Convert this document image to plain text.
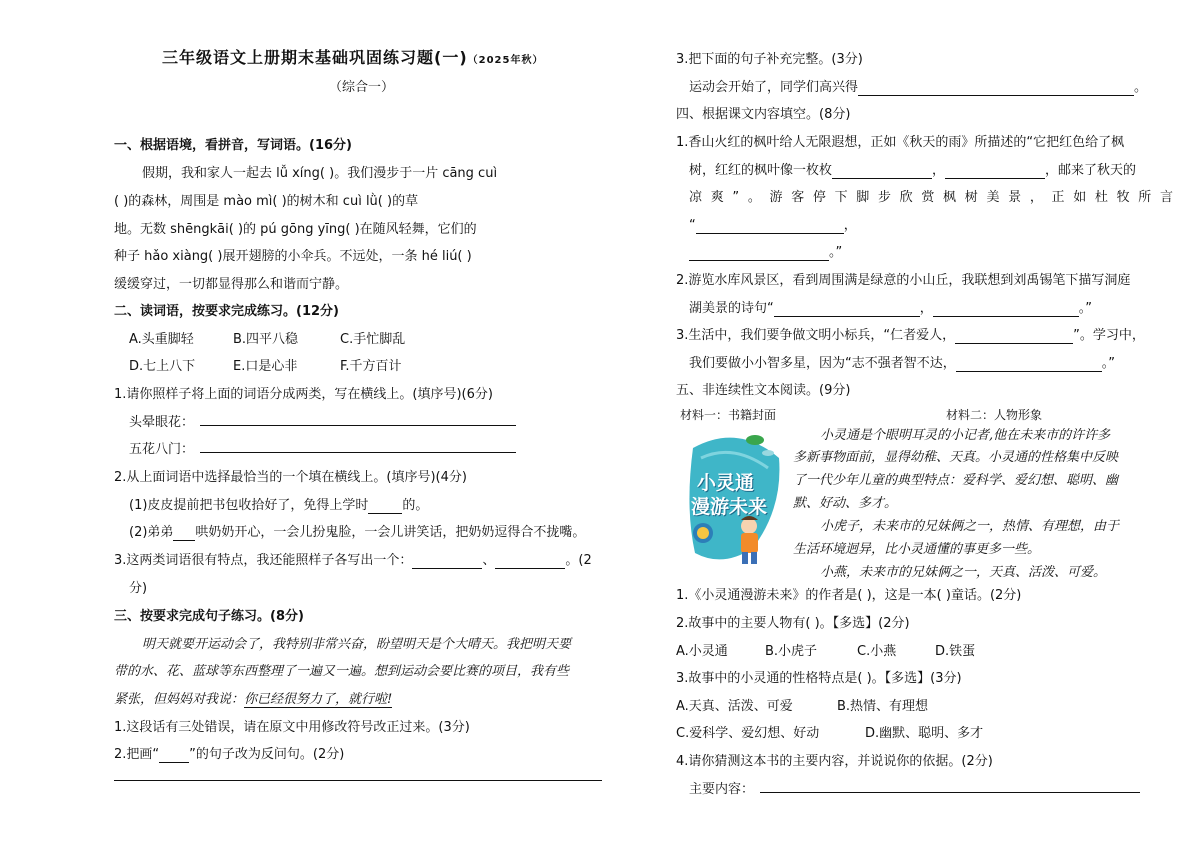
三年级语文上册期末基础巩固练习题(一)（2025年秋）
（综合一）
一、根据语境，看拼音，写词语。(16分)
假期，我和家人一起去 lǚ xíng( )。我们漫步于一片 cāng cuì
( )的森林，周围是 mào mì( )的树木和 cuì lǜ( )的草
地。无数 shēngkāi( )的 pú gōng yīng( )在随风轻舞，它们的
种子 hǎo xiàng( )展开翅膀的小伞兵。不远处，一条 hé liú( )
缓缓穿过，一切都显得那么和谐而宁静。
二、读词语，按要求完成练习。(12分)
A.头重脚轻	B.四平八稳	C.手忙脚乱
D.七上八下	E.口是心非	F.千方百计
1.请你照样子将上面的词语分成两类，写在横线上。(填序号)(6分)
头晕眼花：
五花八门：
2.从上面词语中选择最恰当的一个填在横线上。(填序号)(4分)
(1)皮皮提前把书包收拾好了，免得上学时	的。
(2)弟弟 哄奶奶开心，一会儿扮鬼脸，一会儿讲笑话，把奶奶逗得合不拢嘴。
3.这两类词语很有特点，我还能照样子各写出一个：	、	。(2
分)
三、按要求完成句子练习。(8分)
明天就要开运动会了，我特别非常兴奋，盼望明天是个大晴天。我把明天要
带的水、花、蓝球等东西整理了一遍又一遍。想到运动会要比赛的项目，我有些
紧张，但妈妈对我说：你已经很努力了，就行啦!
1.这段话有三处错误，请在原文中用修改符号改正过来。(3分)
2.把画“ ”的句子改为反问句。(2分)
3.把下面的句子补充完整。(3分)
运动会开始了，同学们高兴得	。
四、根据课文内容填空。(8分)
1.香山火红的枫叶给人无限遐想，正如《秋天的雨》所描述的“它把红色给了枫
树，红红的枫叶像一枚枚	，	，邮来了秋天的
凉爽”。游客停下脚步欣赏枫树美景，正如杜牧所言
“	，
。”
2.游览水库风景区，看到周围满是绿意的小山丘，我联想到刘禹锡笔下描写洞庭
湖美景的诗句“	，	。”
3.生活中，我们要争做文明小标兵，“仁者爱人，	”。学习中，
我们要做小小智多星，因为“志不强者智不达，	。”
五、非连续性文本阅读。(9分)
材料一：书籍封面	材料二：人物形象
小灵通
漫游未来
小灵通是个眼明耳灵的小记者,他在未来市的许许多
多新事物面前，显得幼稚、天真。小灵通的性格集中反映
了一代少年儿童的典型特点：爱科学、爱幻想、聪明、幽
默、好动、多才。
小虎子，未来市的兄妹俩之一，热情、有理想，由于
生活环境迥异，比小灵通懂的事更多一些。
小燕，未来市的兄妹俩之一，天真、活泼、可爱。
1.《小灵通漫游未来》的作者是( )，这是一本( )童话。(2分)
2.故事中的主要人物有( )。【多选】(2分)
A.小灵通	B.小虎子	C.小燕	D.铁蛋
3.故事中的小灵通的性格特点是( )。【多选】(3分)
A.天真、活泼、可爱	B.热情、有理想
C.爱科学、爱幻想、好动	D.幽默、聪明、多才
4.请你猜测这本书的主要内容，并说说你的依据。(2分)
主要内容：
